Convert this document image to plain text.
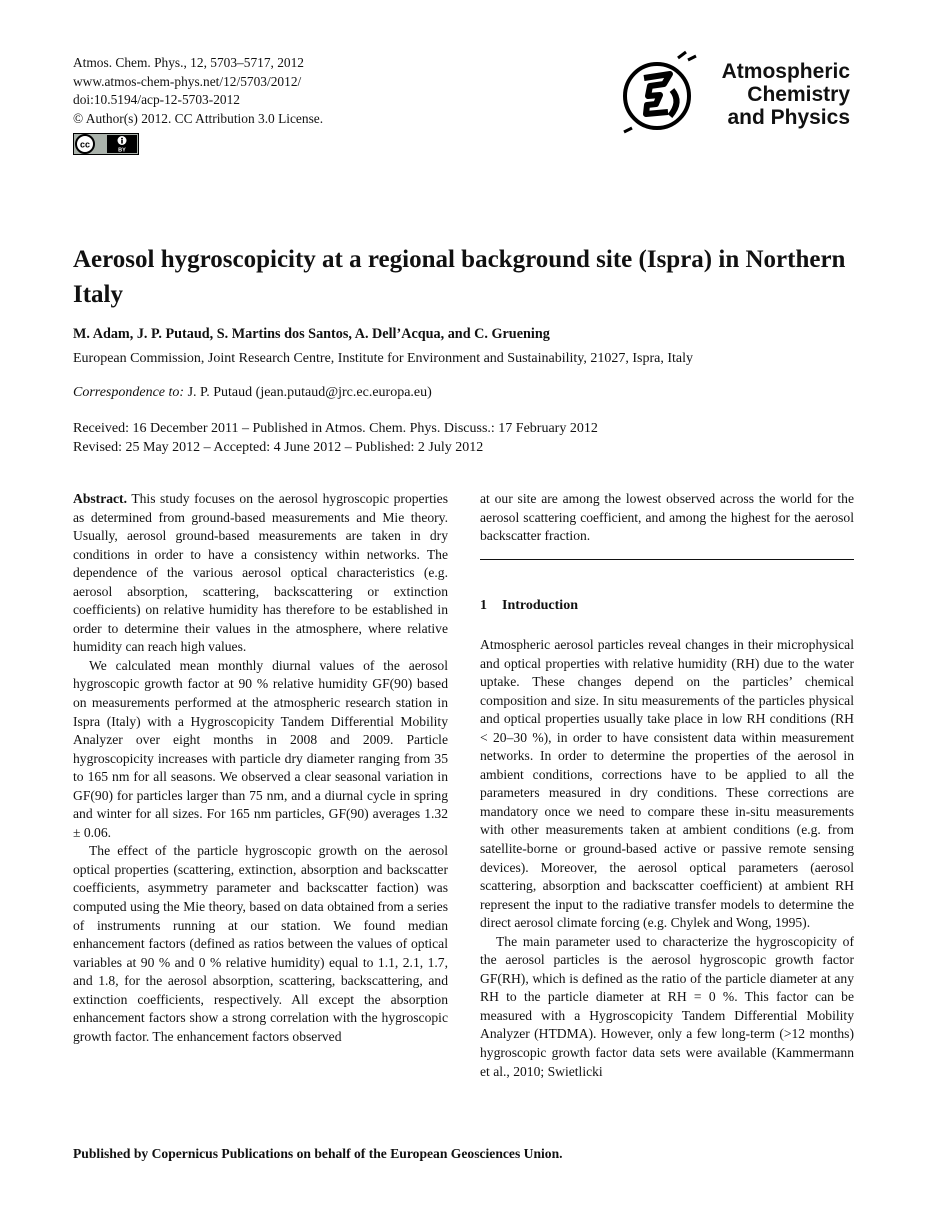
Atmos. Chem. Phys., 12, 5703–5717, 2012
www.atmos-chem-phys.net/12/5703/2012/
doi:10.5194/acp-12-5703-2012
© Author(s) 2012. CC Attribution 3.0 License.
cc
BY
Atmospheric
Chemistry
and Physics
Aerosol hygroscopicity at a regional background site (Ispra) in Northern Italy
M. Adam, J. P. Putaud, S. Martins dos Santos, A. Dell’Acqua, and C. Gruening
European Commission, Joint Research Centre, Institute for Environment and Sustainability, 21027, Ispra, Italy
Correspondence to: J. P. Putaud (jean.putaud@jrc.ec.europa.eu)
Received: 16 December 2011 – Published in Atmos. Chem. Phys. Discuss.: 17 February 2012
Revised: 25 May 2012 – Accepted: 4 June 2012 – Published: 2 July 2012

Abstract. This study focuses on the aerosol hygroscopic properties as determined from ground-based measurements and Mie theory. Usually, aerosol ground-based measurements are taken in dry conditions in order to have a consistency within networks. The dependence of the various aerosol optical characteristics (e.g. aerosol absorption, scattering, backscattering or extinction coefficients) on relative humidity has therefore to be established in order to determine their values in the atmosphere, where relative humidity can reach high values.

We calculated mean monthly diurnal values of the aerosol hygroscopic growth factor at 90 % relative humidity GF(90) based on measurements performed at the atmospheric research station in Ispra (Italy) with a Hygroscopicity Tandem Differential Mobility Analyzer over eight months in 2008 and 2009. Particle hygroscopicity increases with particle dry diameter ranging from 35 to 165 nm for all seasons. We observed a clear seasonal variation in GF(90) for particles larger than 75 nm, and a diurnal cycle in spring and winter for all sizes. For 165 nm particles, GF(90) averages 1.32 ± 0.06.

The effect of the particle hygroscopic growth on the aerosol optical properties (scattering, extinction, absorption and backscatter coefficients, asymmetry parameter and backscatter faction) was computed using the Mie theory, based on data obtained from a series of instruments running at our station. We found median enhancement factors (defined as ratios between the values of optical variables at 90 % and 0 % relative humidity) equal to 1.1, 2.1, 1.7, and 1.8, for the aerosol absorption, scattering, backscattering, and extinction coefficients, respectively. All except the absorption enhancement factors show a strong correlation with the hygroscopic growth factor. The enhancement factors observed

at our site are among the lowest observed across the world for the aerosol scattering coefficient, and among the highest for the aerosol backscatter fraction.

1 Introduction

Atmospheric aerosol particles reveal changes in their microphysical and optical properties with relative humidity (RH) due to the water uptake. These changes depend on the particles’ chemical composition and size. In situ measurements of the particles physical and optical properties usually take place in low RH conditions (RH < 20–30 %), in order to have consistent data within measurement networks. In order to determine the properties of the aerosol in ambient conditions, corrections have to be applied to all the parameters measured in dry conditions. These corrections are mandatory once we need to compare these in-situ measurements with other measurements taken at ambient conditions (e.g. from satellite-borne or ground-based active or passive remote sensing devices). Moreover, the aerosol optical parameters (aerosol scattering, absorption and backscatter coefficient) at ambient RH represent the input to the radiative transfer models to determine the direct aerosol climate forcing (e.g. Chylek and Wong, 1995).

The main parameter used to characterize the hygroscopicity of the aerosol particles is the aerosol hygroscopic growth factor GF(RH), which is defined as the ratio of the particle diameter at any RH to the particle diameter at RH = 0 %. This factor can be measured with a Hygroscopicity Tandem Differential Mobility Analyzer (HTDMA). However, only a few long-term (>12 months) hygroscopic growth factor data sets were available (Kammermann et al., 2010; Swietlicki

Published by Copernicus Publications on behalf of the European Geosciences Union.
